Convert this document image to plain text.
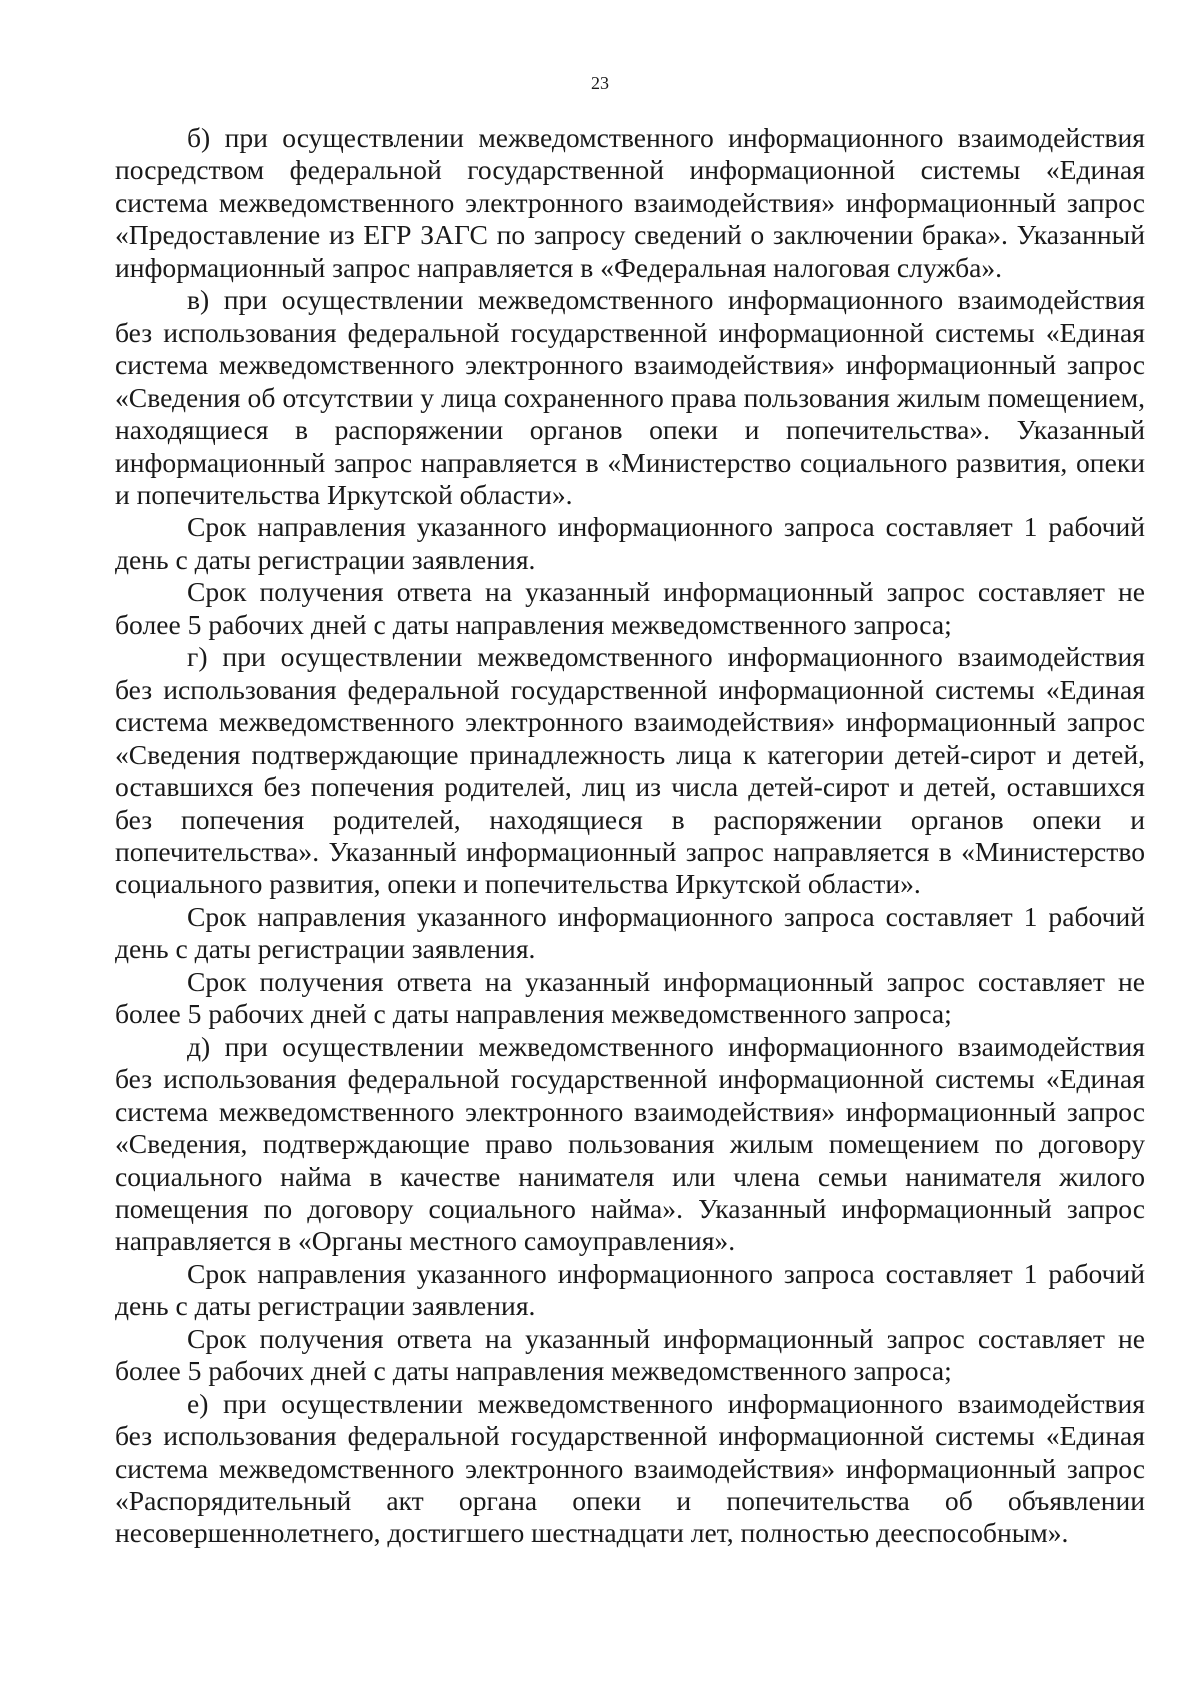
23

б) при осуществлении межведомственного информационного взаимодействия посредством федеральной государственной информационной системы «Единая система межведомственного электронного взаимодействия» информационный запрос «Предоставление из ЕГР ЗАГС по запросу сведений о заключении брака». Указанный информационный запрос направляется в «Федеральная налоговая служба».

в) при осуществлении межведомственного информационного взаимодействия без использования федеральной государственной информационной системы «Единая система межведомственного электронного взаимодействия» информационный запрос «Сведения об отсутствии у лица сохраненного права пользования жилым помещением, находящиеся в распоряжении органов опеки и попечительства». Указанный информационный запрос направляется в «Министерство социального развития, опеки и попечительства Иркутской области».

Срок направления указанного информационного запроса составляет 1 рабочий день с даты регистрации заявления.

Срок получения ответа на указанный информационный запрос составляет не более 5 рабочих дней с даты направления межведомственного запроса;

г) при осуществлении межведомственного информационного взаимодействия без использования федеральной государственной информационной системы «Единая система межведомственного электронного взаимодействия» информационный запрос «Сведения подтверждающие принадлежность лица к категории детей-сирот и детей, оставшихся без попечения родителей, лиц из числа детей-сирот и детей, оставшихся без попечения родителей, находящиеся в распоряжении органов опеки и попечительства». Указанный информационный запрос направляется в «Министерство социального развития, опеки и попечительства Иркутской области».

Срок направления указанного информационного запроса составляет 1 рабочий день с даты регистрации заявления.

Срок получения ответа на указанный информационный запрос составляет не более 5 рабочих дней с даты направления межведомственного запроса;

д) при осуществлении межведомственного информационного взаимодействия без использования федеральной государственной информационной системы «Единая система межведомственного электронного взаимодействия» информационный запрос «Сведения, подтверждающие право пользования жилым помещением по договору социального найма в качестве нанимателя или члена семьи нанимателя жилого помещения по договору социального найма». Указанный информационный запрос направляется в «Органы местного самоуправления».

Срок направления указанного информационного запроса составляет 1 рабочий день с даты регистрации заявления.

Срок получения ответа на указанный информационный запрос составляет не более 5 рабочих дней с даты направления межведомственного запроса;

е) при осуществлении межведомственного информационного взаимодействия без использования федеральной государственной информационной системы «Единая система межведомственного электронного взаимодействия» информационный запрос «Распорядительный акт органа опеки и попечительства об объявлении несовершеннолетнего, достигшего шестнадцати лет, полностью дееспособным».
